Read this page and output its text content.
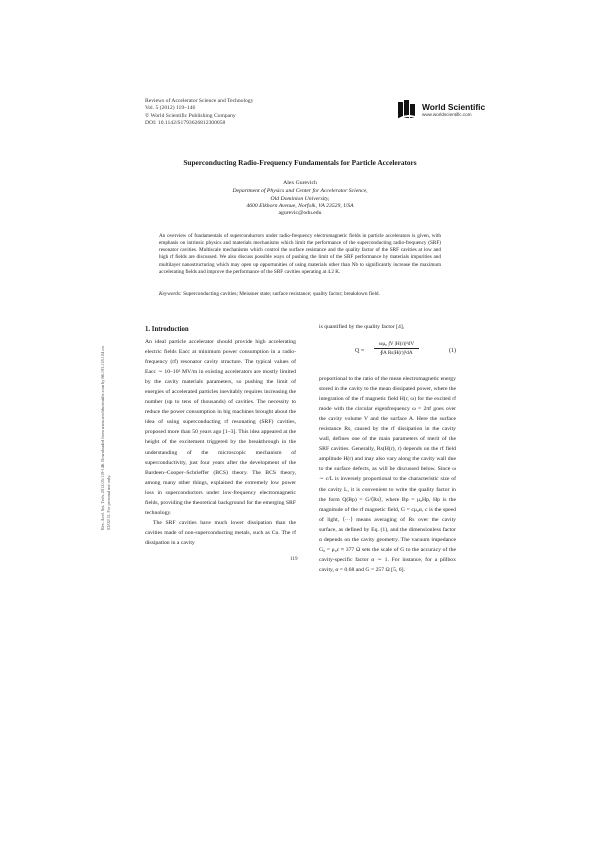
Reviews of Accelerator Science and Technology
Vol. 5 (2012) 119–146
© World Scientific Publishing Company
DOI: 10.1142/S1793626812300058
World Scientific
www.worldscientific.com
Superconducting Radio-Frequency Fundamentals for Particle Accelerators
Alex Gurevich
Department of Physics and Center for Accelerator Science,
Old Dominion University,
4600 Elkhorn Avenue, Norfolk, VA 23529, USA
agurevic@odu.edu
An overview of fundamentals of superconductors under radio-frequency electromagnetic fields in particle accelerators is given, with emphasis on intrinsic physics and materials mechanisms which limit the performance of the superconducting radio-frequency (SRF) resonator cavities. Multiscale mechanisms which control the surface resistance and the quality factor of the SRF cavities at low and high rf fields are discussed. We also discuss possible ways of pushing the limit of the SRF performance by materials impurities and multilayer nanostructuring which may open up opportunities of using materials other than Nb to significantly increase the maximum accelerating fields and improve the performance of the SRF cavities operating at 4.2 K.
Keywords: Superconducting cavities; Meissner state; surface resistance; quality factor; breakdown field.
Rev. Accl. Sci. Tech. 2012.05:119-146. Downloaded from www.worldscientific.com by 66.193.118.104 on 03/02/15. For personal use only.
1. Introduction

An ideal particle accelerator should provide high accelerating electric fields Eacc at minimum power consumption in a radio-frequency (rf) resonator cavity structure. The typical values of Eacc ∼ 10–10² MV/m in existing accelerators are mostly limited by the cavity materials parameters, so pushing the limit of energies of accelerated particles inevitably requires increasing the number (up to tens of thousands) of cavities. The necessity to reduce the power consumption in big machines brought about the idea of using superconducting rf resonating (SRF) cavities, proposed more than 50 years ago [1–3]. This idea appeared at the height of the excitement triggered by the breakthrough in the understanding of the microscopic mechanism of superconductivity, just four years after the development of the Bardeen–Cooper–Schrieffer (BCS) theory. The BCS theory, among many other things, explained the extremely low power loss in superconductors under low-frequency electromagnetic fields, providing the theoretical background for the emerging SRF technology.

The SRF cavities have much lower dissipation than the cavities made of non-superconducting metals, such as Cu. The rf dissipation in a cavity

is quantified by the quality factor [4],
$Q = \frac{\text{ωμ₀ ∫V |H(r)|²dV}}{\text{∮A Rs|H(r)|²dA}}$	(1)

proportional to the ratio of the mean electromagnetic energy stored in the cavity to the mean dissipated power, where the integration of the rf magnetic field H(r, ω) for the excited rf mode with the circular eigenfrequency ω = 2πf goes over the cavity volume V and the surface A. Here the surface resistance Rs, caused by the rf dissipation in the cavity wall, defines one of the main parameters of merit of the SRF cavities. Generally, Rs(H(r), r) depends on the rf field amplitude H(r) and may also vary along the cavity wall due to the surface defects, as will be discussed below. Since ω ∼ c/L is inversely proportional to the characteristic size of the cavity L, it is convenient to write the quality factor in the form Q(Bp) = G/⟨Rs⟩, where Bp = μ₀Hp, Hp is the magnitude of the rf magnetic field, G = cμ₀α, c is the speed of light, ⟨···⟩ means averaging of Rs over the cavity surface, as defined by Eq. (1), and the dimensionless factor α depends on the cavity geometry. The vacuum impedance G₀ = μ₀c ≈ 377 Ω sets the scale of G to the accuracy of the cavity-specific factor α ∼ 1. For instance, for a pillbox cavity, α = 0.68 and G = 257 Ω [5, 6].

119
